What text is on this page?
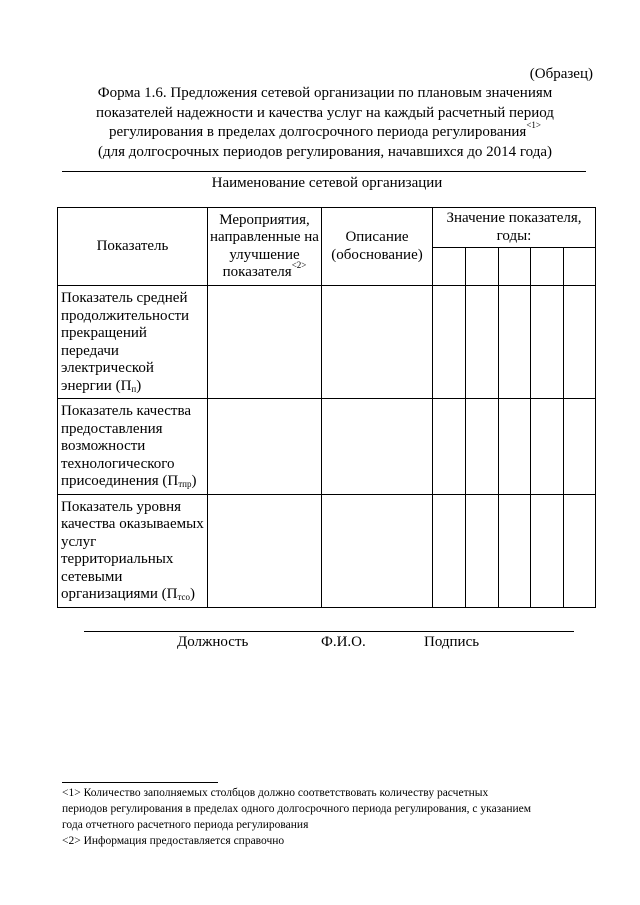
(Образец)
Форма 1.6. Предложения сетевой организации по плановым значениям
показателей надежности и качества услуг на каждый расчетный период
регулирования в пределах долгосрочного периода регулирования$^{<1>}$
(для долгосрочных периодов регулирования, начавшихся до 2014 года)
Наименование сетевой организации
Показатель	Мероприятия, направленные на улучшение показателя$^{<2>}$	Описание (обоснование)	Значение показателя, годы:				

Показатель средней продолжительности прекращений передачи электрической энергии $(П_п)$							
Показатель качества предоставления возможности технологического присоединения $(П_{тпр})$							
Показатель уровня качества оказываемых услуг территориальных сетевыми организациями $(П_{тсо})$							
Должность	Ф.И.О.	Подпись
<1> Количество заполняемых столбцов должно соответствовать количеству расчетных
периодов регулирования в пределах одного долгосрочного периода регулирования, с указанием
года отчетного расчетного периода регулирования
<2> Информация предоставляется справочно
